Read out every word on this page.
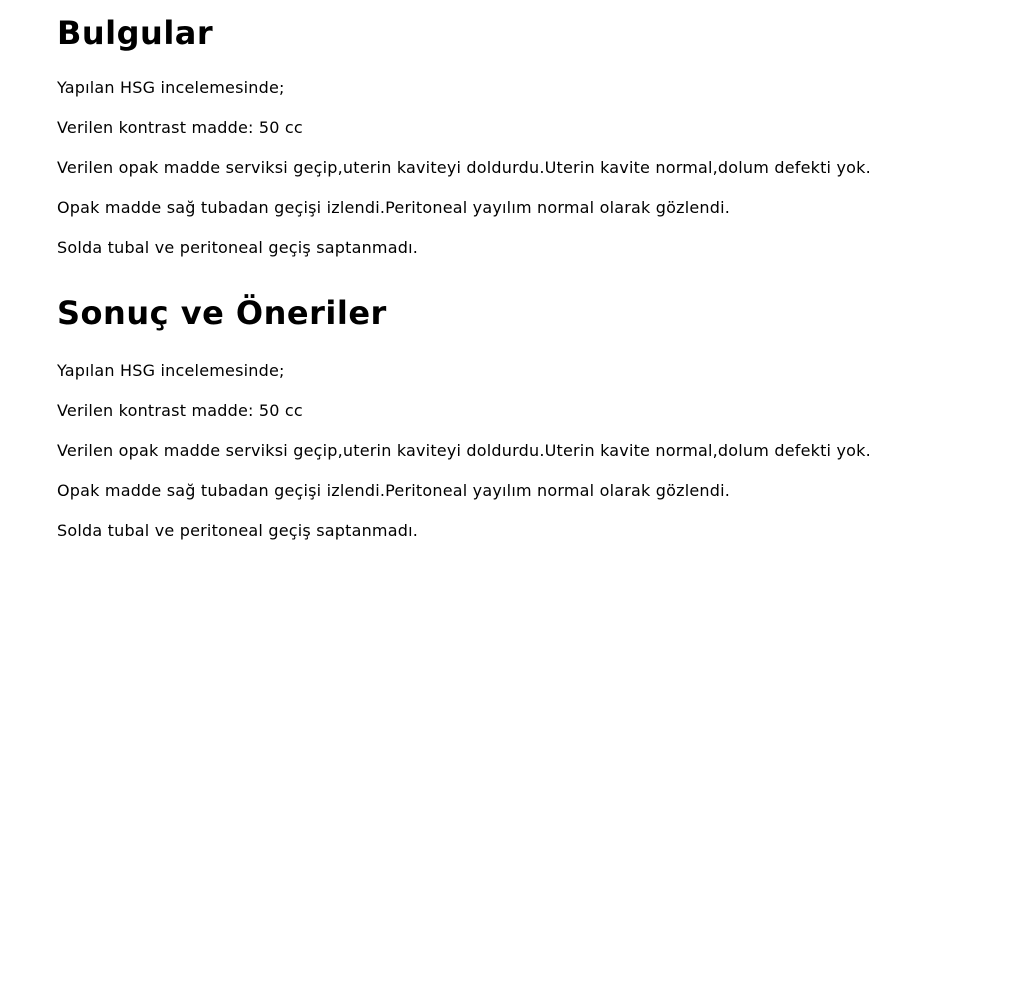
Bulgular

Yapılan HSG incelemesinde;

Verilen kontrast madde: 50 cc

Verilen opak madde serviksi geçip,uterin kaviteyi doldurdu.Uterin kavite normal,dolum defekti yok.

Opak madde sağ tubadan geçişi izlendi.Peritoneal yayılım normal olarak gözlendi.

Solda tubal ve peritoneal geçiş saptanmadı.

Sonuç ve Öneriler

Yapılan HSG incelemesinde;

Verilen kontrast madde: 50 cc

Verilen opak madde serviksi geçip,uterin kaviteyi doldurdu.Uterin kavite normal,dolum defekti yok.

Opak madde sağ tubadan geçişi izlendi.Peritoneal yayılım normal olarak gözlendi.

Solda tubal ve peritoneal geçiş saptanmadı.
